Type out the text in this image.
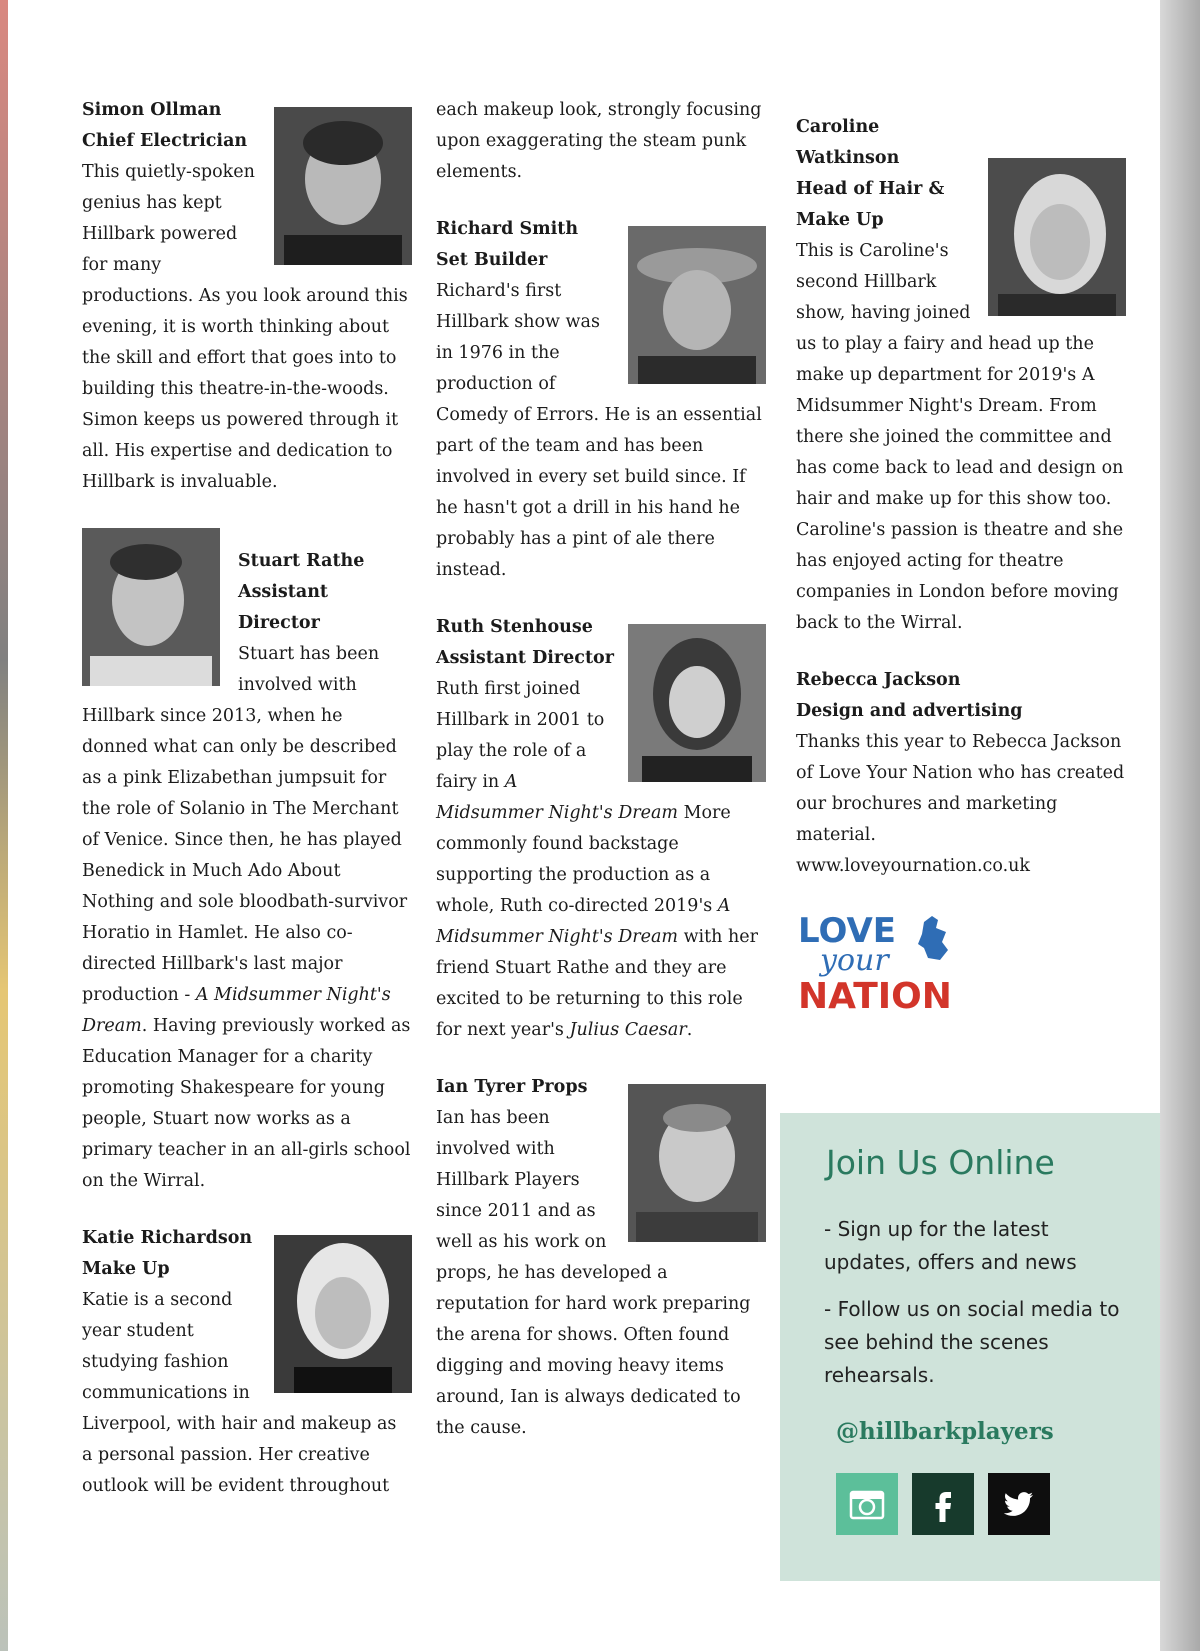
Simon Ollman
Chief Electrician

This quietly-spoken genius has kept Hillbark powered for many productions. As you look around this evening, it is worth thinking about the skill and effort that goes into to building this theatre-in-the-woods. Simon keeps us powered through it all. His expertise and dedication to Hillbark is invaluable.

Stuart Rathe
Assistant Director

Stuart has been involved with Hillbark since 2013, when he donned what can only be described as a pink Elizabethan jumpsuit for the role of Solanio in The Merchant of Venice. Since then, he has played Benedick in Much Ado About Nothing and sole bloodbath-survivor Horatio in Hamlet. He also co-directed Hillbark's last major production - A Midsummer Night's Dream. Having previously worked as Education Manager for a charity promoting Shakespeare for young people, Stuart now works as a primary teacher in an all-girls school on the Wirral.

Katie Richardson
Make Up

Katie is a second year student studying fashion communications in Liverpool, with hair and makeup as a personal passion. Her creative outlook will be evident throughout

each makeup look, strongly focusing upon exaggerating the steam punk elements.

Richard Smith
Set Builder

Richard's first Hillbark show was in 1976 in the production of Comedy of Errors. He is an essential part of the team and has been involved in every set build since. If he hasn't got a drill in his hand he probably has a pint of ale there instead.

Ruth Stenhouse
Assistant Director

Ruth first joined Hillbark in 2001 to play the role of a fairy in A Midsummer Night's Dream More commonly found backstage supporting the production as a whole, Ruth co-directed 2019's A Midsummer Night's Dream with her friend Stuart Rathe and they are excited to be returning to this role for next year's Julius Caesar.

Ian Tyrer Props

Ian has been involved with Hillbark Players since 2011 and as well as his work on props, he has developed a reputation for hard work preparing the arena for shows. Often found digging and moving heavy items around, Ian is always dedicated to the cause.

Caroline Watkinson
Head of Hair & Make Up

This is Caroline's second Hillbark show, having joined us to play a fairy and head up the make up department for 2019's A Midsummer Night's Dream. From there she joined the committee and has come back to lead and design on hair and make up for this show too. Caroline's passion is theatre and she has enjoyed acting for theatre companies in London before moving back to the Wirral.

Rebecca Jackson
Design and advertising

Thanks this year to Rebecca Jackson of Love Your Nation who has created our brochures and marketing material.

www.loveyournation.co.uk

LOVE
your
NATION
Join Us Online
- Sign up for the latest updates, offers and news
- Follow us on social media to see behind the scenes rehearsals.
@hillbarkplayers
